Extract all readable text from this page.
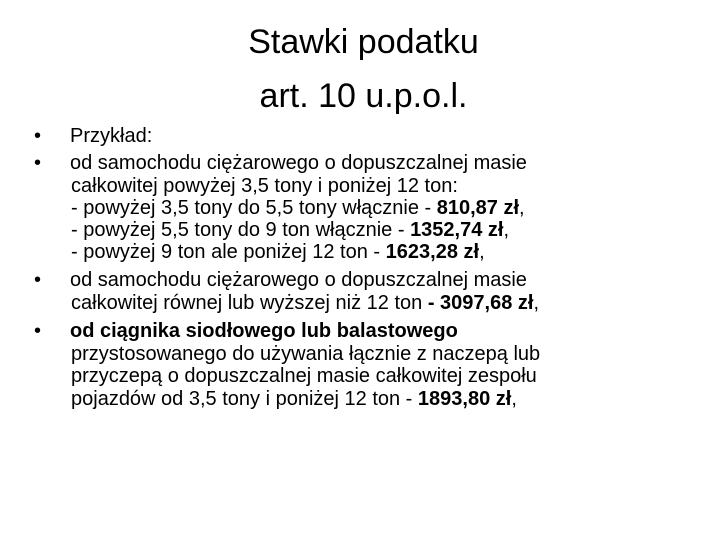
Stawki podatku
art. 10 u.p.o.l.
• Przykład:
• od samochodu ciężarowego o dopuszczalnej masie
całkowitej powyżej 3,5 tony i poniżej 12 ton:
- powyżej 3,5 tony do 5,5 tony włącznie - 810,87 zł,
- powyżej 5,5 tony do 9 ton włącznie - 1352,74 zł,
- powyżej 9 ton ale poniżej 12 ton - 1623,28 zł,
• od samochodu ciężarowego o dopuszczalnej masie
całkowitej równej lub wyższej niż 12 ton - 3097,68 zł,
• od ciągnika siodłowego lub balastowego
przystosowanego do używania łącznie z naczepą lub
przyczepą o dopuszczalnej masie całkowitej zespołu
pojazdów od 3,5 tony i poniżej 12 ton - 1893,80 zł,
